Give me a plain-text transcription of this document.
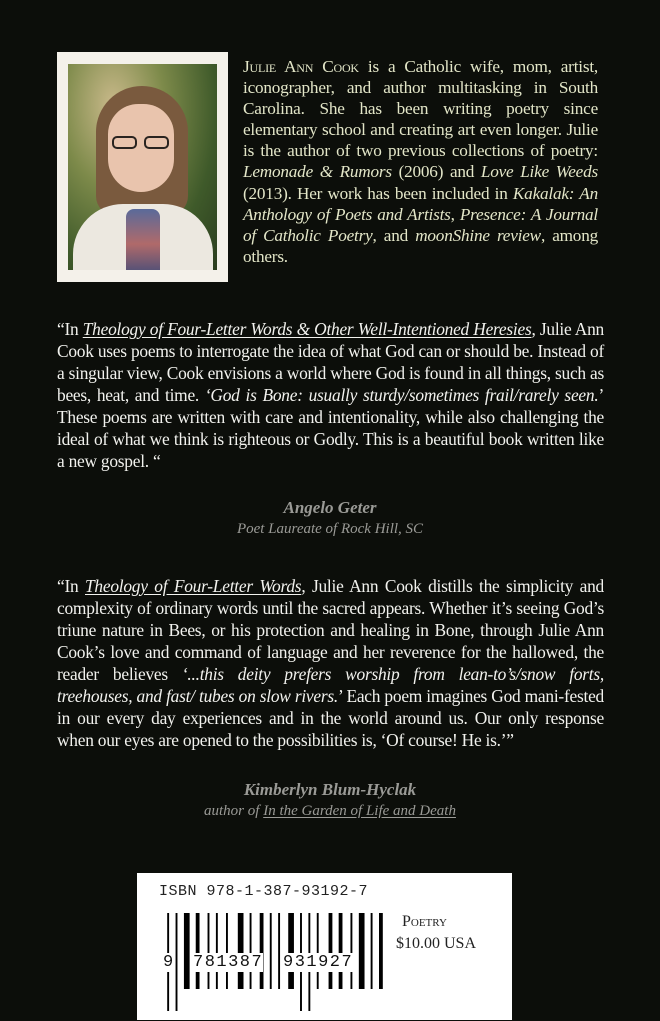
Julie Ann Cook is a Catholic wife, mom, artist, iconographer, and author multitasking in South Carolina. She has been writing poetry since elementary school and creating art even longer. Julie is the author of two previous collections of poetry: Lemonade & Rumors (2006) and Love Like Weeds (2013). Her work has been included in Kakalak: An Anthology of Poets and Artists, Presence: A Journal of Catholic Poetry, and moonShine review, among others.
“In Theology of Four-Letter Words & Other Well-Intentioned Heresies, Julie Ann Cook uses poems to interrogate the idea of what God can or should be. Instead of a singular view, Cook envisions a world where God is found in all things, such as bees, heat, and time. ‘God is Bone: usually sturdy/sometimes frail/rarely seen.’ These poems are written with care and intentionality, while also challenging the ideal of what we think is righteous or Godly. This is a beautiful book written like a new gospel. “
Angelo Geter
Poet Laureate of Rock Hill, SC
“In Theology of Four-Letter Words, Julie Ann Cook distills the simplicity and complexity of ordinary words until the sacred appears. Whether it’s seeing God’s triune nature in Bees, or his protection and healing in Bone, through Julie Ann Cook’s love and command of language and her reverence for the hallowed, the reader believes ‘...this deity prefers worship from lean-to’s/snow forts, treehouses, and fast/ tubes on slow rivers.’ Each poem imagines God mani-fested in our every day experiences and in the world around us. Our only response when our eyes are opened to the possibilities is, ‘Of course! He is.’”
Kimberlyn Blum-Hyclak
author of In the Garden of Life and Death
ISBN 978-1-387-93192-7
9 781387 931927
Poetry
$10.00 USA
